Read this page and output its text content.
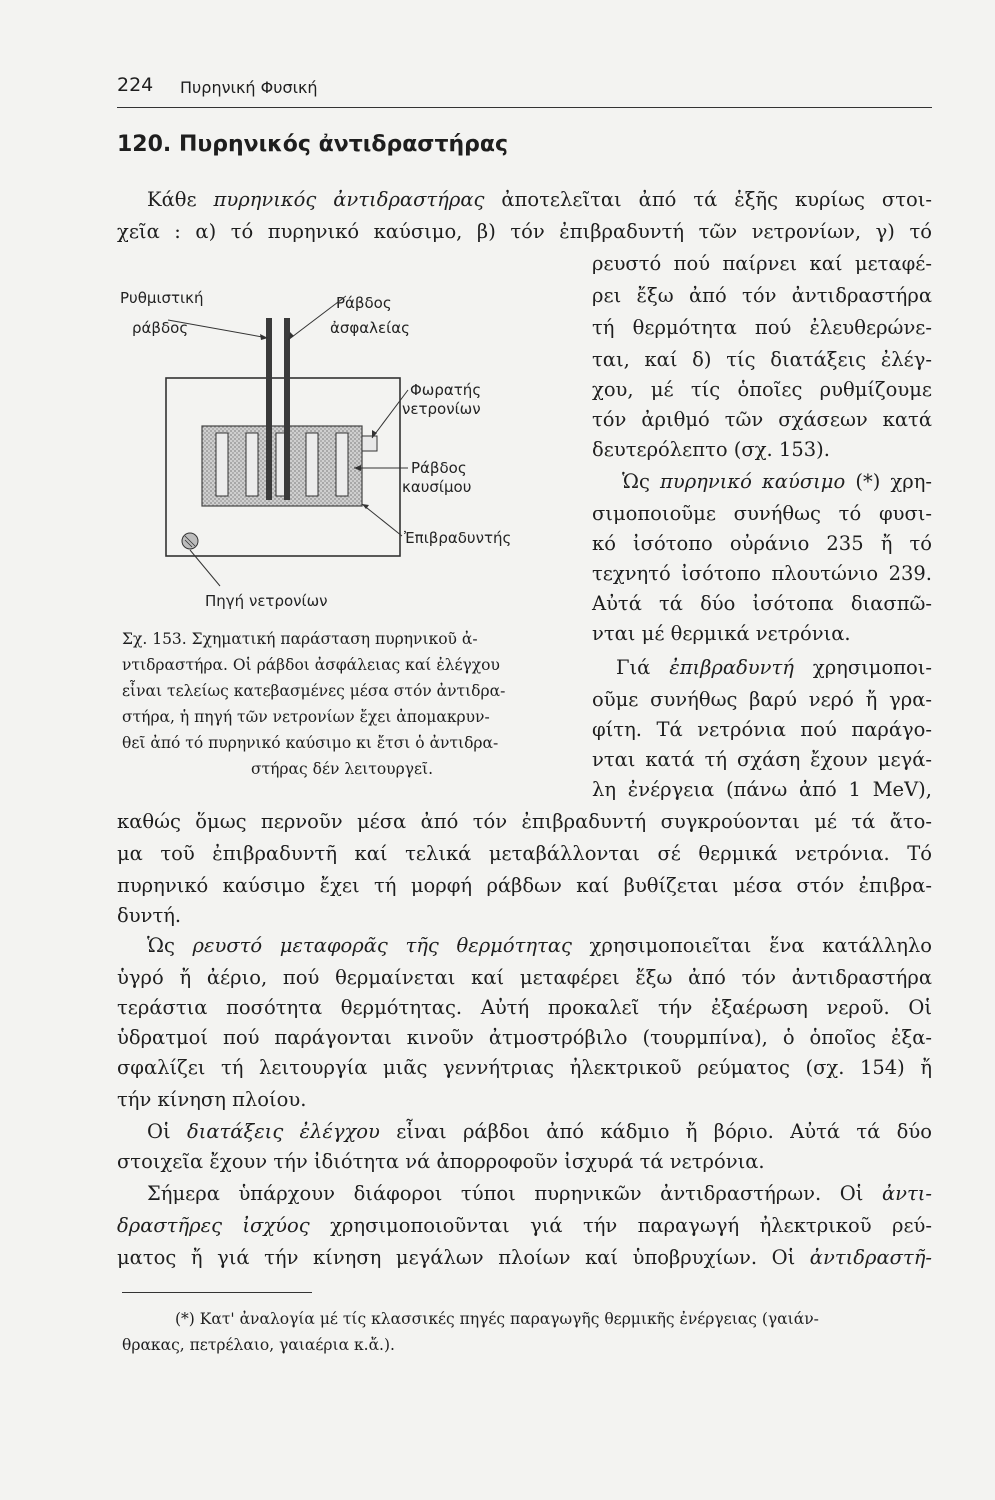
224 Πυρηνική Φυσική
120. Πυρηνικός ἀντιδραστήρας
Κάθε πυρηνικός ἀντιδραστήρας ἀποτελεῖται ἀπό τά ἑξῆς κυρίως στοι-
χεῖα : α) τό πυρηνικό καύσιμο, β) τόν ἐπιβραδυντή τῶν νετρονίων, γ) τό
ρευστό πού παίρνει καί μεταφέ-
ρει ἔξω ἀπό τόν ἀντιδραστήρα
τή θερμότητα πού ἐλευθερώνε-
ται, καί δ) τίς διατάξεις ἐλέγ-
χου, μέ τίς ὁποῖες ρυθμίζουμε
τόν ἀριθμό τῶν σχάσεων κατά
δευτερόλεπτο (σχ. 153).
Ὡς πυρηνικό καύσιμο (*) χρη-
σιμοποιοῦμε συνήθως τό φυσι-
κό ἰσότοπο οὐράνιο 235 ἤ τό
τεχνητό ἰσότοπο πλουτώνιο 239.
Αὐτά τά δύο ἰσότοπα διασπῶ-
νται μέ θερμικά νετρόνια.
Γιά ἐπιβραδυντή χρησιμοποι-
οῦμε συνήθως βαρύ νερό ἤ γρα-
φίτη. Τά νετρόνια πού παράγο-
νται κατά τή σχάση ἔχουν μεγά-
λη ἐνέργεια (πάνω ἀπό 1 MeV),
καθώς ὅμως περνοῦν μέσα ἀπό τόν ἐπιβραδυντή συγκρούονται μέ τά ἄτο-
μα τοῦ ἐπιβραδυντῆ καί τελικά μεταβάλλονται σέ θερμικά νετρόνια. Τό
πυρηνικό καύσιμο ἔχει τή μορφή ράβδων καί βυθίζεται μέσα στόν ἐπιβρα-
δυντή.
Ὡς ρευστό μεταφορᾶς τῆς θερμότητας χρησιμοποιεῖται ἕνα κατάλληλο
ὑγρό ἤ ἀέριο, πού θερμαίνεται καί μεταφέρει ἔξω ἀπό τόν ἀντιδραστήρα
τεράστια ποσότητα θερμότητας. Αὐτή προκαλεῖ τήν ἐξαέρωση νεροῦ. Οἱ
ὑδρατμοί πού παράγονται κινοῦν ἀτμοστρόβιλο (τουρμπίνα), ὁ ὁποῖος ἐξα-
σφαλίζει τή λειτουργία μιᾶς γεννήτριας ἠλεκτρικοῦ ρεύματος (σχ. 154) ἤ
τήν κίνηση πλοίου.
Οἱ διατάξεις ἐλέγχου εἶναι ράβδοι ἀπό κάδμιο ἤ βόριο. Αὐτά τά δύο
στοιχεῖα ἔχουν τήν ἰδιότητα νά ἀπορροφοῦν ἰσχυρά τά νετρόνια.
Σήμερα ὑπάρχουν διάφοροι τύποι πυρηνικῶν ἀντιδραστήρων. Οἱ ἀντι-
δραστῆρες ἰσχύος χρησιμοποιοῦνται γιά τήν παραγωγή ἠλεκτρικοῦ ρεύ-
ματος ἤ γιά τήν κίνηση μεγάλων πλοίων καί ὑποβρυχίων. Οἱ ἀντιδραστῆ-
Ρυθμιστική
ράβδος
Ράβδος
ἀσφαλείας
Φωρατής
νετρονίων
Ράβδος
καυσίμου
Ἐπιβραδυντής
Πηγή νετρονίων
Σχ. 153. Σχηματική παράσταση πυρηνικοῦ ἀ-
ντιδραστήρα. Οἱ ράβδοι ἀσφάλειας καί ἐλέγχου
εἶναι τελείως κατεβασμένες μέσα στόν ἀντιδρα-
στήρα, ἡ πηγή τῶν νετρονίων ἔχει ἀπομακρυν-
θεῖ ἀπό τό πυρηνικό καύσιμο κι ἔτσι ὁ ἀντιδρα-
στήρας δέν λειτουργεῖ.
(*) Κατ' ἀναλογία μέ τίς κλασσικές πηγές παραγωγῆς θερμικῆς ἐνέργειας (γαιάν-
θρακας, πετρέλαιο, γαιαέρια κ.ἄ.).
